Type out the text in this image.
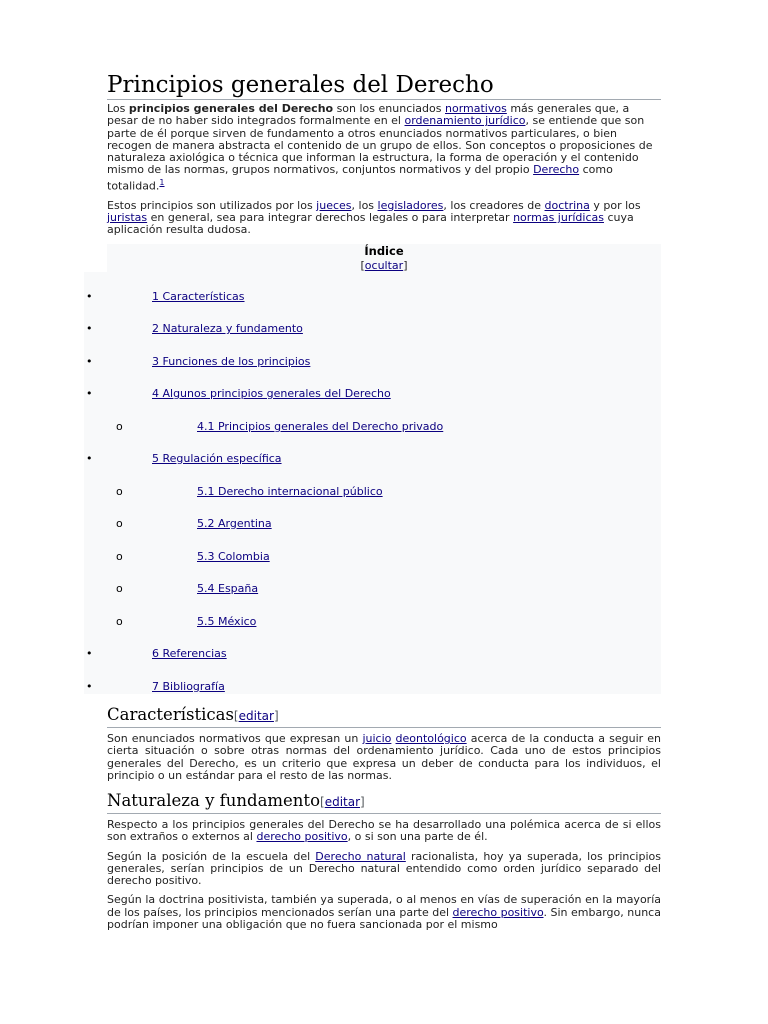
Principios generales del Derecho

Los principios generales del Derecho son los enunciados normativos más generales que, a pesar de no haber sido integrados formalmente en el ordenamiento jurídico, se entiende que son parte de él porque sirven de fundamento a otros enunciados normativos particulares, o bien recogen de manera abstracta el contenido de un grupo de ellos. Son conceptos o proposiciones de naturaleza axiológica o técnica que informan la estructura, la forma de operación y el contenido mismo de las normas, grupos normativos, conjuntos normativos y del propio Derecho como totalidad.$^1$

Estos principios son utilizados por los jueces, los legisladores, los creadores de doctrina y por los juristas en general, sea para integrar derechos legales o para interpretar normas jurídicas cuya aplicación resulta dudosa.

Índice
[ocultar]
•	1 Características
•	2 Naturaleza y fundamento
•	3 Funciones de los principios
•	4 Algunos principios generales del Derecho
o	4.1 Principios generales del Derecho privado
•	5 Regulación específica
o	5.1 Derecho internacional público
o	5.2 Argentina
o	5.3 Colombia
o	5.4 España
o	5.5 México
•	6 Referencias
•	7 Bibliografía
Características[editar]

Son enunciados normativos que expresan un juicio deontológico acerca de la conducta a seguir en cierta situación o sobre otras normas del ordenamiento jurídico. Cada uno de estos principios generales del Derecho, es un criterio que expresa un deber de conducta para los individuos, el principio o un estándar para el resto de las normas.

Naturaleza y fundamento[editar]

Respecto a los principios generales del Derecho se ha desarrollado una polémica acerca de si ellos son extraños o externos al derecho positivo, o si son una parte de él.

Según la posición de la escuela del Derecho natural racionalista, hoy ya superada, los principios generales, serían principios de un Derecho natural entendido como orden jurídico separado del derecho positivo.

Según la doctrina positivista, también ya superada, o al menos en vías de superación en la mayoría de los países, los principios mencionados serían una parte del derecho positivo. Sin embargo, nunca podrían imponer una obligación que no fuera sancionada por el mismo
